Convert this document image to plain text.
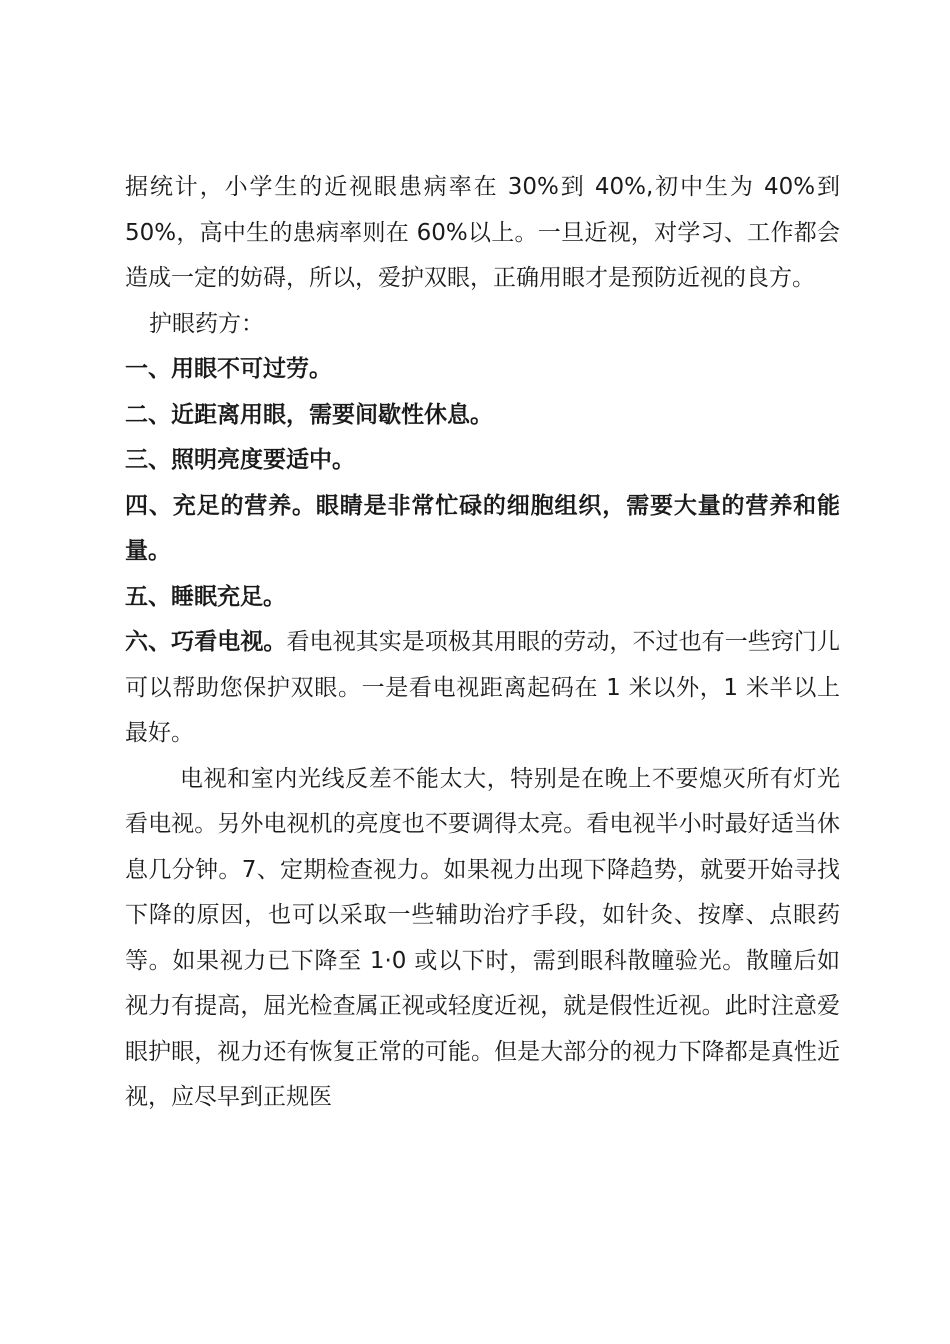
据统计，小学生的近视眼患病率在 30%到 40%,初中生为 40%到 50%，高中生的患病率则在 60%以上。一旦近视，对学习、工作都会造成一定的妨碍，所以，爱护双眼，正确用眼才是预防近视的良方。

护眼药方：

一、用眼不可过劳。

二、近距离用眼，需要间歇性休息。

三、照明亮度要适中。

四、充足的营养。眼睛是非常忙碌的细胞组织，需要大量的营养和能量。

五、睡眠充足。

六、巧看电视。看电视其实是项极其用眼的劳动，不过也有一些窍门儿可以帮助您保护双眼。一是看电视距离起码在 1 米以外，1 米半以上最好。

电视和室内光线反差不能太大，特别是在晚上不要熄灭所有灯光看电视。另外电视机的亮度也不要调得太亮。看电视半小时最好适当休息几分钟。7、定期检查视力。如果视力出现下降趋势，就要开始寻找下降的原因，也可以采取一些辅助治疗手段，如针灸、按摩、点眼药等。如果视力已下降至 1·0 或以下时，需到眼科散瞳验光。散瞳后如视力有提高，屈光检查属正视或轻度近视，就是假性近视。此时注意爱眼护眼，视力还有恢复正常的可能。但是大部分的视力下降都是真性近视，应尽早到正规医
